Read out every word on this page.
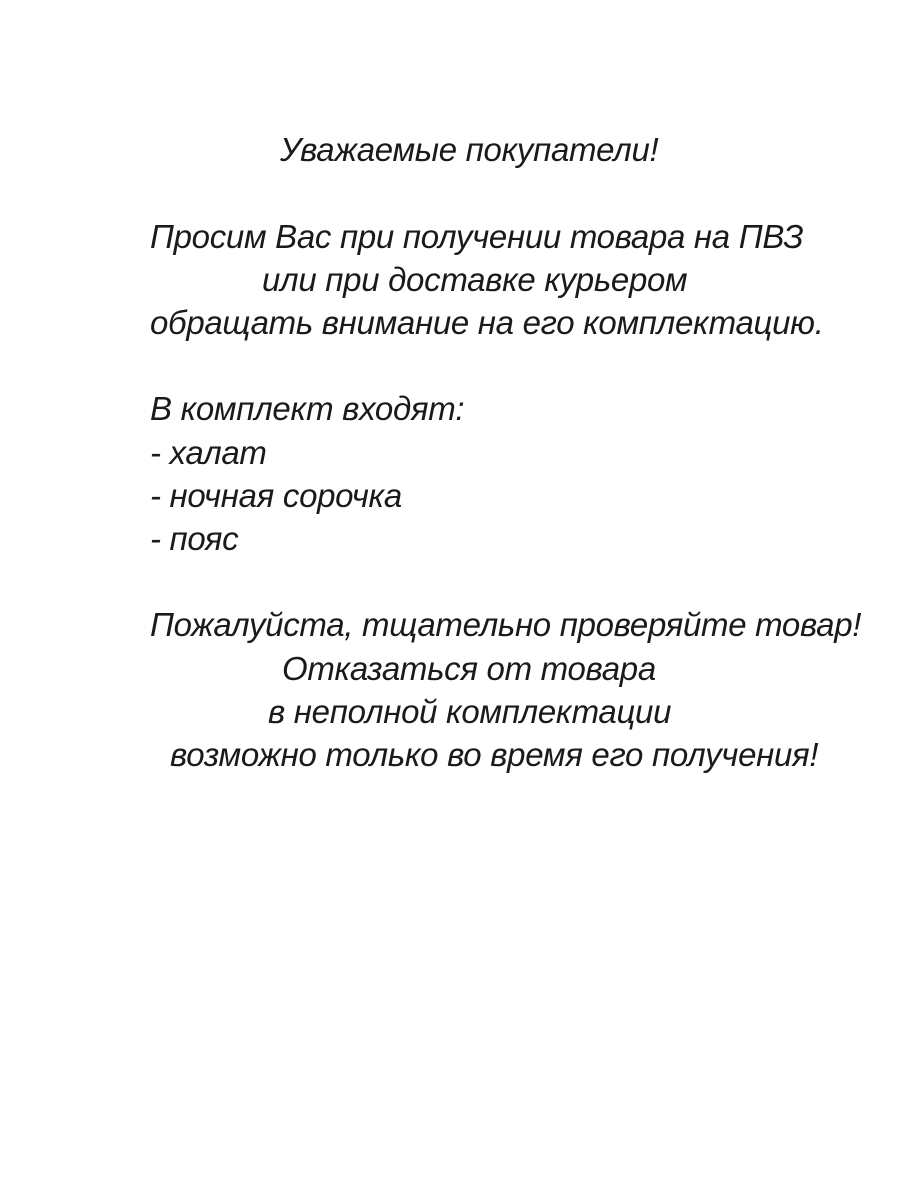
Уважаемые покупатели!
Просим Вас при получении товара на ПВЗ
или при доставке курьером
обращать внимание на его комплектацию.
В комплект входят:
- халат
- ночная сорочка
- пояс
Пожалуйста, тщательно проверяйте товар!
Отказаться от товара
в неполной комплектации
возможно только во время его получения!
